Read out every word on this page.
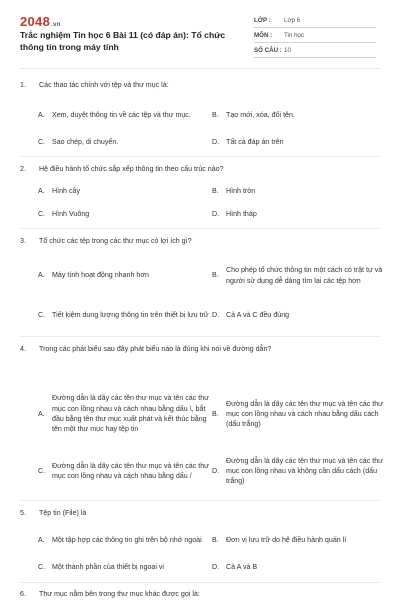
2048.vn
Trắc nghiệm Tin học 6 Bài 11 (có đáp án): Tổ chức thông tin trong máy tính
LỚP : Lớp 6
MÔN : Tin học
SỐ CÂU : 10
1. Các thao tác chính với tệp và thư mục là:
A.	Xem, duyệt thông tin về các tệp và thư mục.	B.	Tạo mới, xóa, đổi tên.
C. Sao chép, di chuyển.	D. Tất cả đáp án trên
2. Hệ điều hành tổ chức sắp xếp thông tin theo cấu trúc nào?
A.	Hình cây	B.	Hình tròn
C. Hình Vuông	D. Hình tháp
3. Tổ chức các tệp trong các thư mục có lợi ích gì?
A.	Máy tính hoạt động nhanh hơn	B.
Cho phép tổ chức thông tin một cách có trật tự và người sử dụng dễ dàng tìm lại các tệp hơn
C. Tiết kiệm dung lượng thông tin trên thiết bị lưu trữ D. Cả A và C đều đúng
4. Trong các phát biểu sau đây phát biểu nào là đúng khi nói về đường dẫn?
A.
Đường dẫn là dãy các tên thư mục và tên các thư mục con lồng nhau và cách nhau bằng dấu \, bắt đầu bằng tên thư mục xuất phát và kết thúc bằng tên một thư mục hay tệp tin
B.
Đường dẫn là dãy các tên thư mục và tên các thư mục con lồng nhau và cách nhau bằng dấu cách (dấu trắng)
C.
Đường dẫn là dãy các tên thư mục và tên các thư mục con lồng nhau và cách nhau bằng dấu /
D.
Đường dẫn là dãy các tên thư mục và tên các thư mục con lồng nhau và không cần dấu cách (dấu trắng)
5. Tệp tin (File) là
A.	Một tập hợp các thông tin ghi trên bộ nhớ ngoài	B.	Đơn vị lưu trữ do hệ điều hành quản lí
C. Một thành phần của thiết bị ngoại vi	D. Cả A và B
6. Thư mục nằm bên trong thư mục khác được gọi là:
